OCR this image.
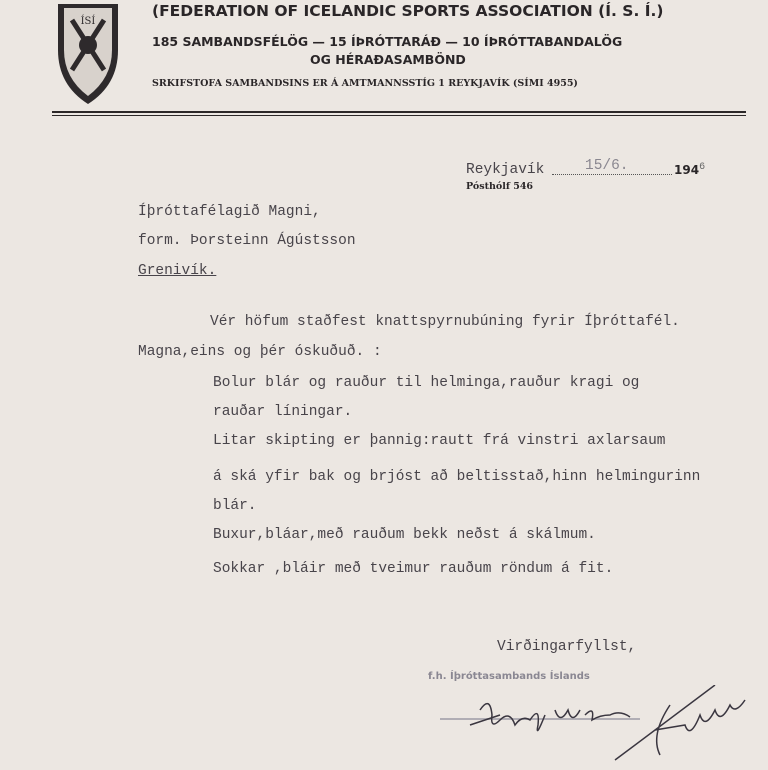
ÍSÍ
(FEDERATION OF ICELANDIC SPORTS ASSOCIATION (Í. S. Í.)
185 SAMBANDSFÉLÖG — 15 ÍÞRÓTTARÁÐ — 10 ÍÞRÓTTABANDALÖG
OG HÉRAÐASAMBÖND
SRKIFSTOFA SAMBANDSINS ER Á AMTMANNSSTÍG 1 REYKJAVÍK (SÍMI 4955)
Reykjavík	15/6.	$194^6$
Pósthólf 546
Íþróttafélagið Magni,
form. Þorsteinn Ágústsson
Grenivík.
Vér höfum staðfest knattspyrnubúning fyrir Íþróttafél.
Magna,eins og þér óskuðuð. :
Bolur blár og rauður til helminga,rauður kragi og
rauðar líningar.
Litar skipting er þannig:rautt frá vinstri axlarsaum
á ská yfir bak og brjóst að beltisstað,hinn helmingurinn
blár.
Buxur,bláar,með rauðum bekk neðst á skálmum.
Sokkar ,bláir með tveimur rauðum röndum á fit.
Virðingarfyllst,
f.h. Íþróttasambands Íslands
